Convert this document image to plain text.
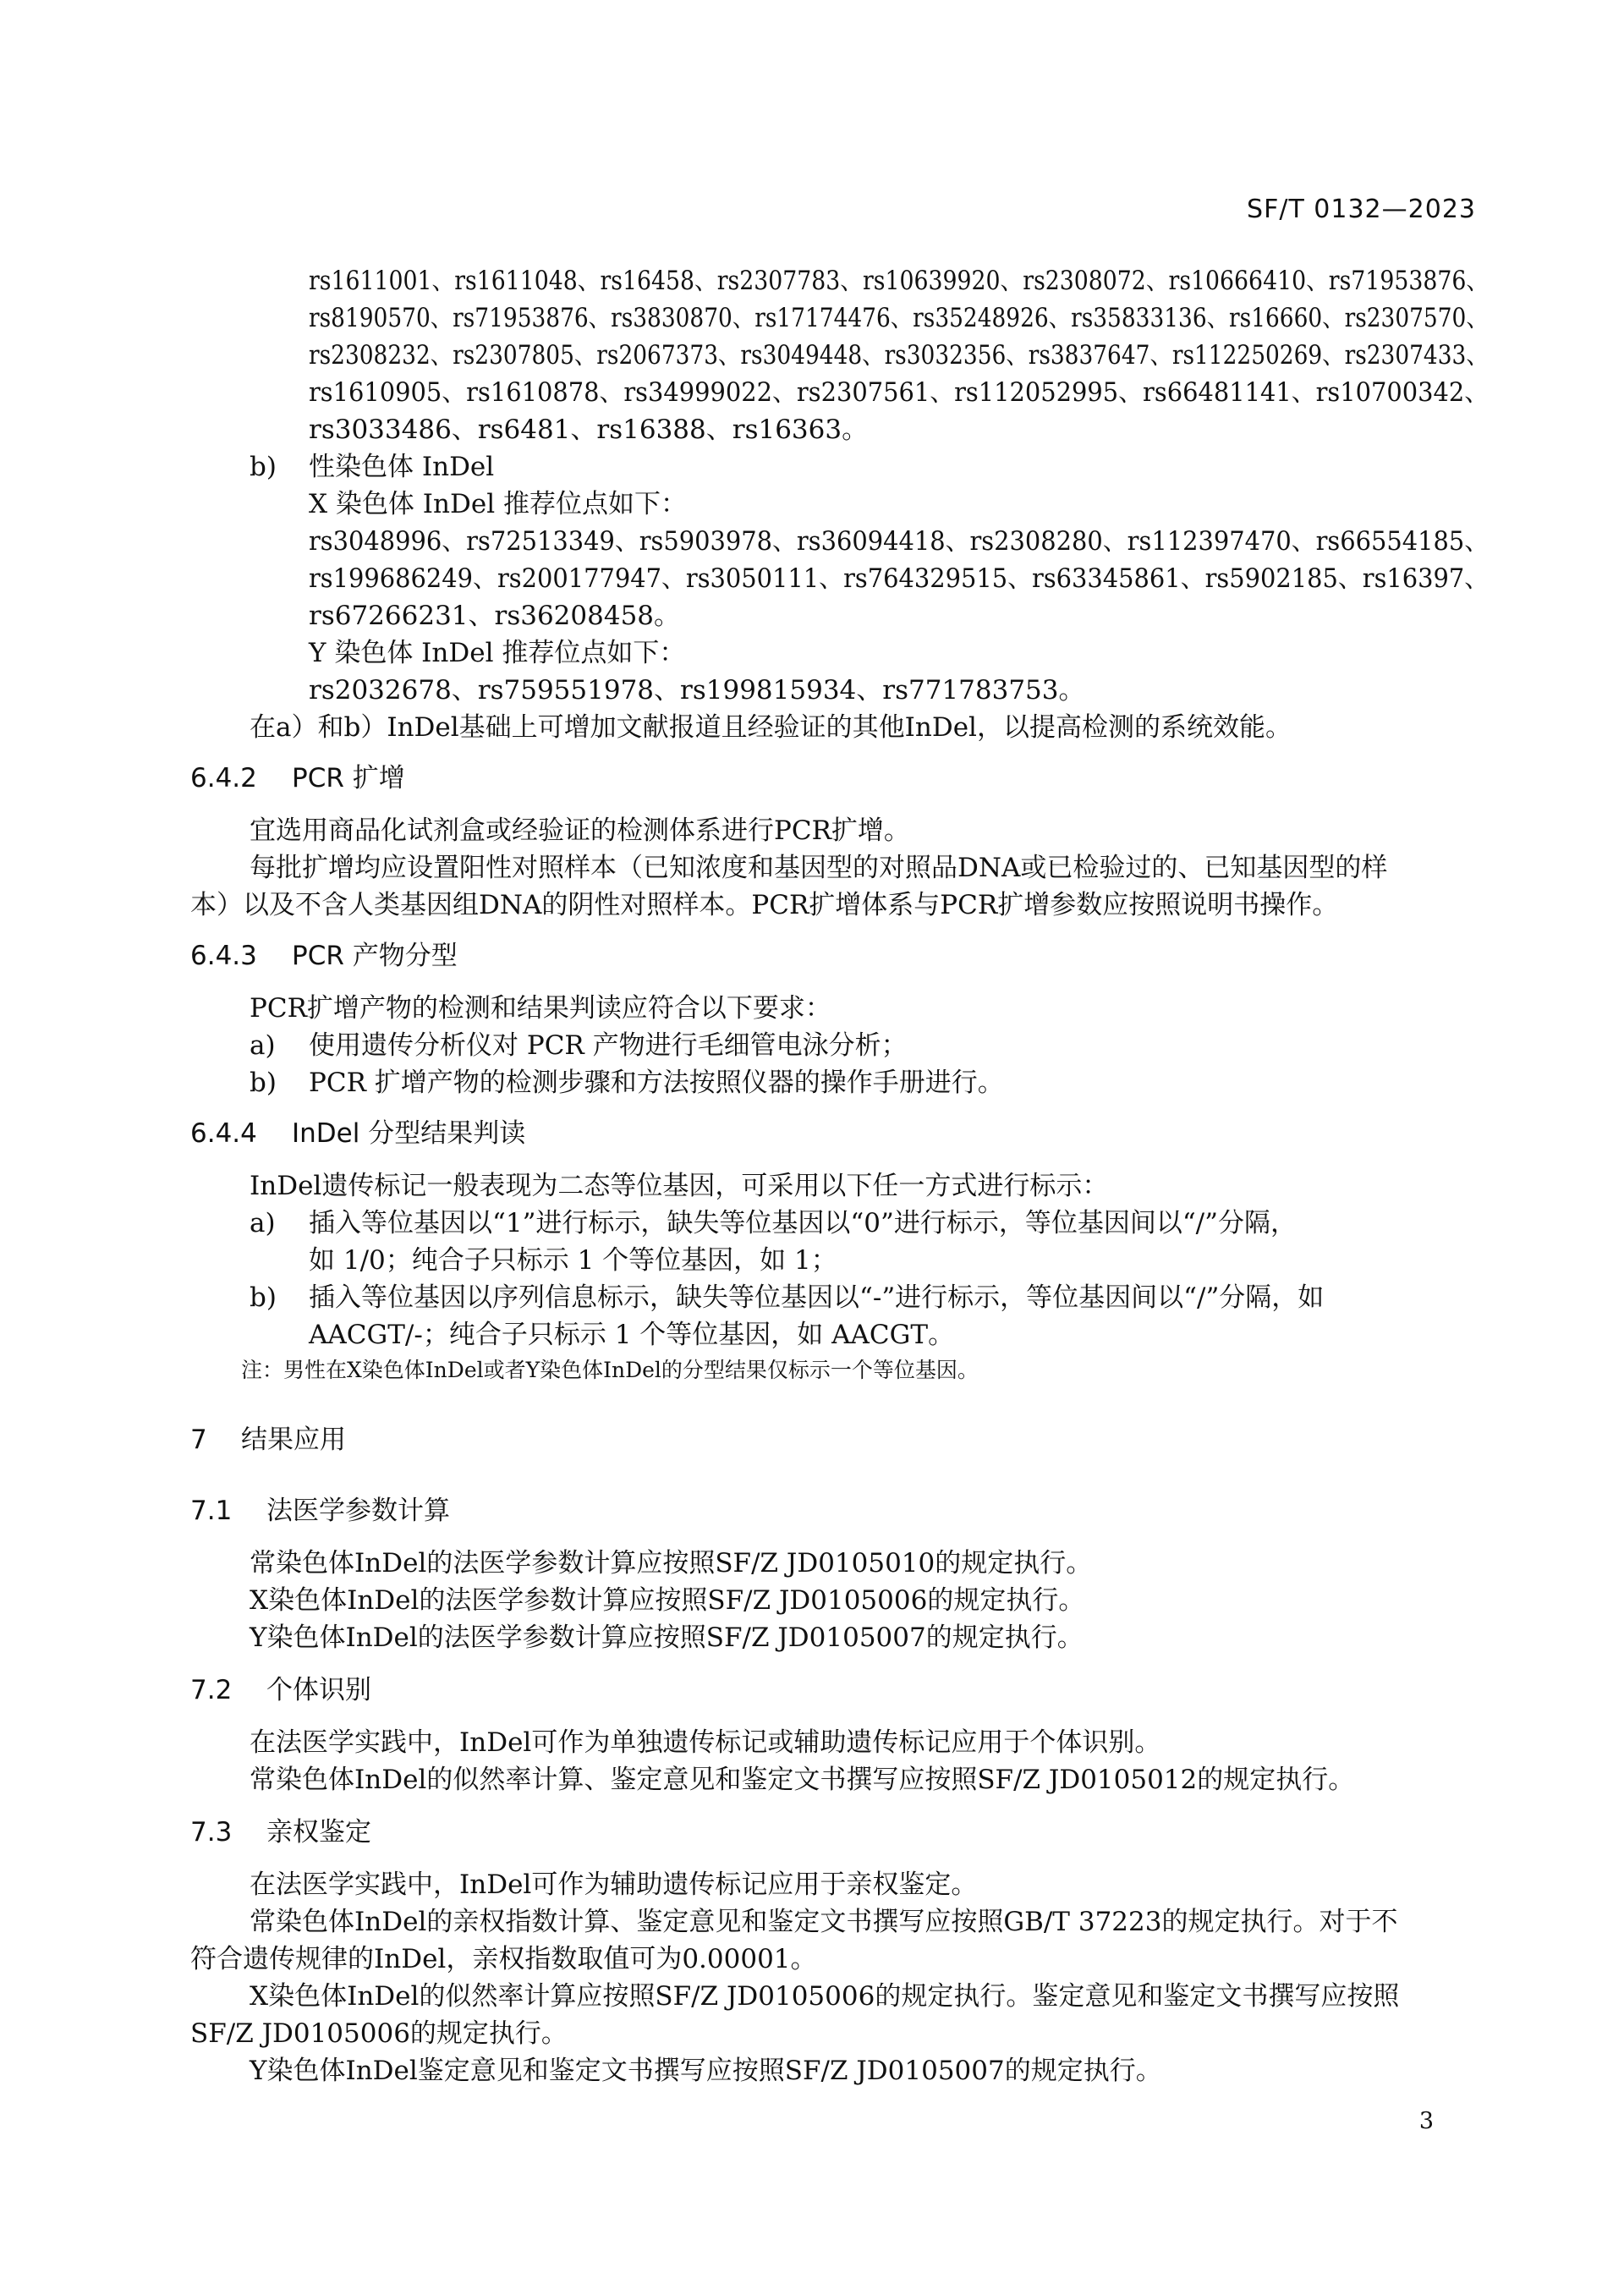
SF/T 0132—2023
rs1611001、rs1611048、rs16458、rs2307783、rs10639920、rs2308072、rs10666410、rs71953876、
rs8190570、rs71953876、rs3830870、rs17174476、rs35248926、rs35833136、rs16660、rs2307570、
rs2308232、rs2307805、rs2067373、rs3049448、rs3032356、rs3837647、rs112250269、rs2307433、
rs1610905、rs1610878、rs34999022、rs2307561、rs112052995、rs66481141、rs10700342、
rs3033486、rs6481、rs16388、rs16363。
b) 性染色体 InDel
X 染色体 InDel 推荐位点如下：
rs3048996、rs72513349、rs5903978、rs36094418、rs2308280、rs112397470、rs66554185、
rs199686249、rs200177947、rs3050111、rs764329515、rs63345861、rs5902185、rs16397、
rs67266231、rs36208458。
Y 染色体 InDel 推荐位点如下：
rs2032678、rs759551978、rs199815934、rs771783753。
在a）和b）InDel基础上可增加文献报道且经验证的其他InDel，以提高检测的系统效能。
6.4.2 PCR 扩增
宜选用商品化试剂盒或经验证的检测体系进行PCR扩增。
每批扩增均应设置阳性对照样本（已知浓度和基因型的对照品DNA或已检验过的、已知基因型的样
本）以及不含人类基因组DNA的阴性对照样本。PCR扩增体系与PCR扩增参数应按照说明书操作。
6.4.3 PCR 产物分型
PCR扩增产物的检测和结果判读应符合以下要求：
a) 使用遗传分析仪对 PCR 产物进行毛细管电泳分析；
b) PCR 扩增产物的检测步骤和方法按照仪器的操作手册进行。
6.4.4 InDel 分型结果判读
InDel遗传标记一般表现为二态等位基因，可采用以下任一方式进行标示：
a) 插入等位基因以“1”进行标示，缺失等位基因以“0”进行标示，等位基因间以“/”分隔，
如 1/0；纯合子只标示 1 个等位基因，如 1；
b) 插入等位基因以序列信息标示，缺失等位基因以“-”进行标示，等位基因间以“/”分隔，如
AACGT/-；纯合子只标示 1 个等位基因，如 AACGT。
注：男性在X染色体InDel或者Y染色体InDel的分型结果仅标示一个等位基因。
7 结果应用
7.1 法医学参数计算
常染色体InDel的法医学参数计算应按照SF/Z JD0105010的规定执行。
X染色体InDel的法医学参数计算应按照SF/Z JD0105006的规定执行。
Y染色体InDel的法医学参数计算应按照SF/Z JD0105007的规定执行。
7.2 个体识别
在法医学实践中，InDel可作为单独遗传标记或辅助遗传标记应用于个体识别。
常染色体InDel的似然率计算、鉴定意见和鉴定文书撰写应按照SF/Z JD0105012的规定执行。
7.3 亲权鉴定
在法医学实践中，InDel可作为辅助遗传标记应用于亲权鉴定。
常染色体InDel的亲权指数计算、鉴定意见和鉴定文书撰写应按照GB/T 37223的规定执行。对于不
符合遗传规律的InDel，亲权指数取值可为0.00001。
X染色体InDel的似然率计算应按照SF/Z JD0105006的规定执行。鉴定意见和鉴定文书撰写应按照
SF/Z JD0105006的规定执行。
Y染色体InDel鉴定意见和鉴定文书撰写应按照SF/Z JD0105007的规定执行。
3
